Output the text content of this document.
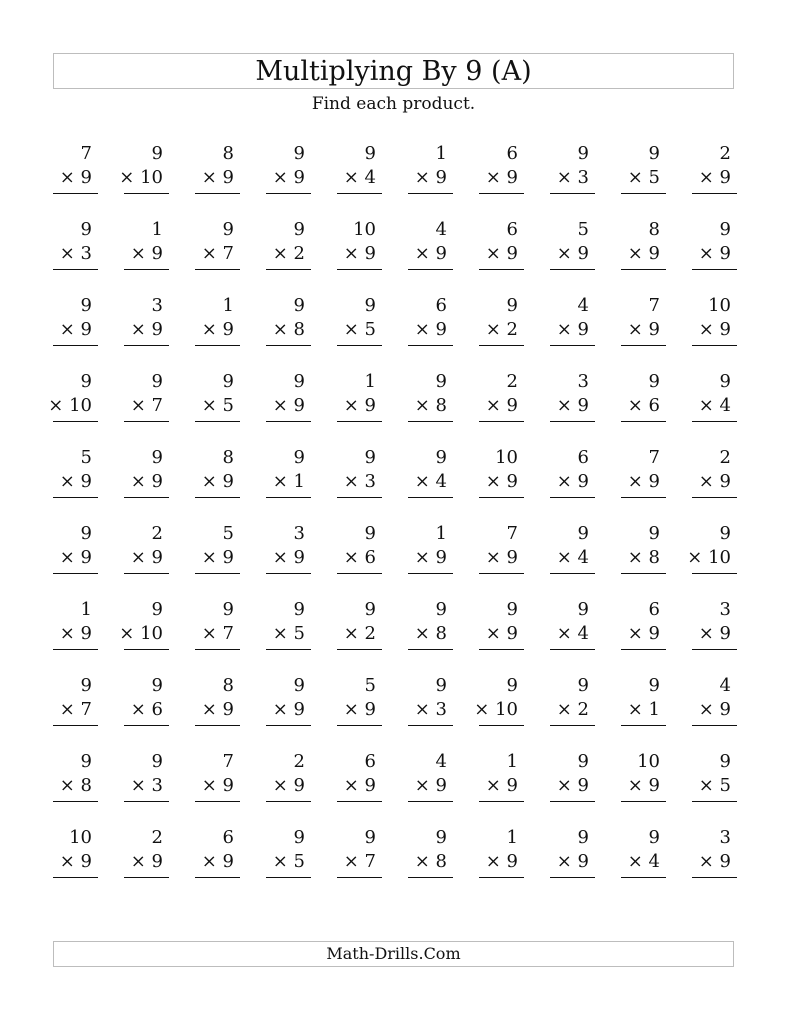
Multiplying By 9 (A)
Find each product.
7
× 9
9
× 10
8
× 9
9
× 9
9
× 4
1
× 9
6
× 9
9
× 3
9
× 5
2
× 9
9
× 3
1
× 9
9
× 7
9
× 2
10
× 9
4
× 9
6
× 9
5
× 9
8
× 9
9
× 9
9
× 9
3
× 9
1
× 9
9
× 8
9
× 5
6
× 9
9
× 2
4
× 9
7
× 9
10
× 9
9
× 10
9
× 7
9
× 5
9
× 9
1
× 9
9
× 8
2
× 9
3
× 9
9
× 6
9
× 4
5
× 9
9
× 9
8
× 9
9
× 1
9
× 3
9
× 4
10
× 9
6
× 9
7
× 9
2
× 9
9
× 9
2
× 9
5
× 9
3
× 9
9
× 6
1
× 9
7
× 9
9
× 4
9
× 8
9
× 10
1
× 9
9
× 10
9
× 7
9
× 5
9
× 2
9
× 8
9
× 9
9
× 4
6
× 9
3
× 9
9
× 7
9
× 6
8
× 9
9
× 9
5
× 9
9
× 3
9
× 10
9
× 2
9
× 1
4
× 9
9
× 8
9
× 3
7
× 9
2
× 9
6
× 9
4
× 9
1
× 9
9
× 9
10
× 9
9
× 5
10
× 9
2
× 9
6
× 9
9
× 5
9
× 7
9
× 8
1
× 9
9
× 9
9
× 4
3
× 9
Math-Drills.Com
